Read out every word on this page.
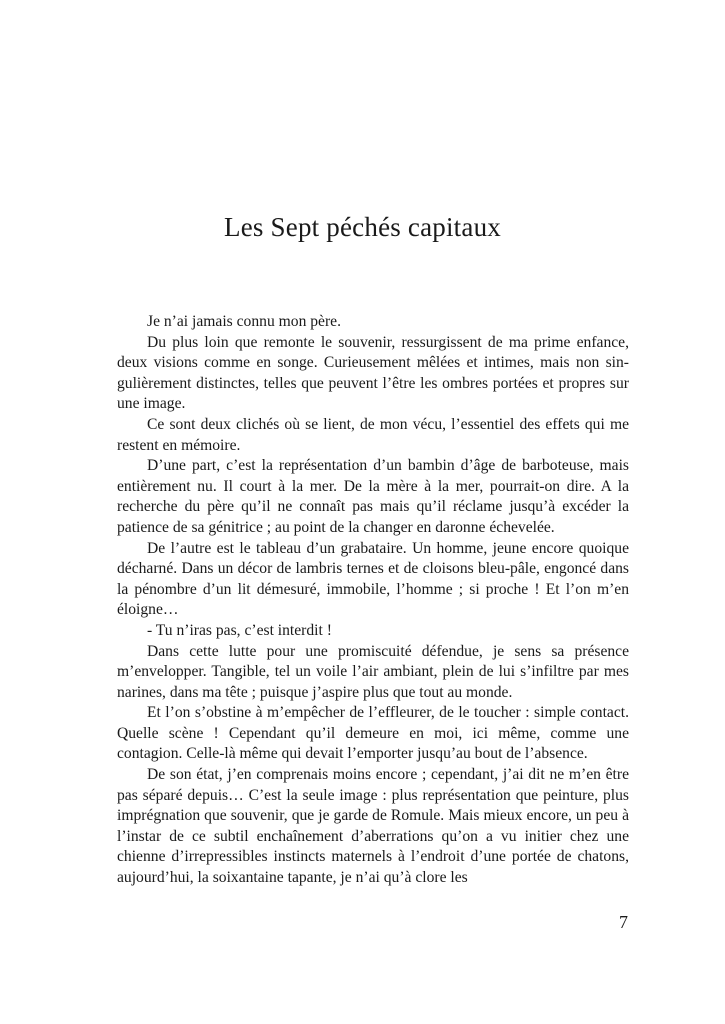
Les Sept péchés capitaux

Je n’ai jamais connu mon père.

Du plus loin que remonte le souvenir, ressurgissent de ma prime enfance, deux visions comme en songe. Curieusement mêlées et intimes, mais non singulièrement distinctes, telles que peuvent l’être les ombres portées et propres sur une image.

Ce sont deux clichés où se lient, de mon vécu, l’essentiel des effets qui me restent en mémoire.

D’une part, c’est la représentation d’un bambin d’âge de barboteuse, mais entièrement nu. Il court à la mer. De la mère à la mer, pourrait-on dire. A la recherche du père qu’il ne connaît pas mais qu’il réclame jusqu’à excéder la patience de sa génitrice ; au point de la changer en daronne échevelée.

De l’autre est le tableau d’un grabataire. Un homme, jeune encore quoique décharné. Dans un décor de lambris ternes et de cloisons bleu-pâle, engoncé dans la pénombre d’un lit démesuré, immobile, l’homme ; si proche ! Et l’on m’en éloigne…

- Tu n’iras pas, c’est interdit !

Dans cette lutte pour une promiscuité défendue, je sens sa présence m’envelopper. Tangible, tel un voile l’air ambiant, plein de lui s’infiltre par mes narines, dans ma tête ; puisque j’aspire plus que tout au monde.

Et l’on s’obstine à m’empêcher de l’effleurer, de le toucher : simple contact. Quelle scène ! Cependant qu’il demeure en moi, ici même, comme une contagion. Celle-là même qui devait l’emporter jusqu’au bout de l’absence.

De son état, j’en comprenais moins encore ; cependant, j’ai dit ne m’en être pas séparé depuis… C’est la seule image : plus représentation que peinture, plus imprégnation que souvenir, que je garde de Romule. Mais mieux encore, un peu à l’instar de ce subtil enchaînement d’aberrations qu’on a vu initier chez une chienne d’irrepressibles instincts maternels à l’endroit d’une portée de chatons, aujourd’hui, la soixantaine tapante, je n’ai qu’à clore les

7
